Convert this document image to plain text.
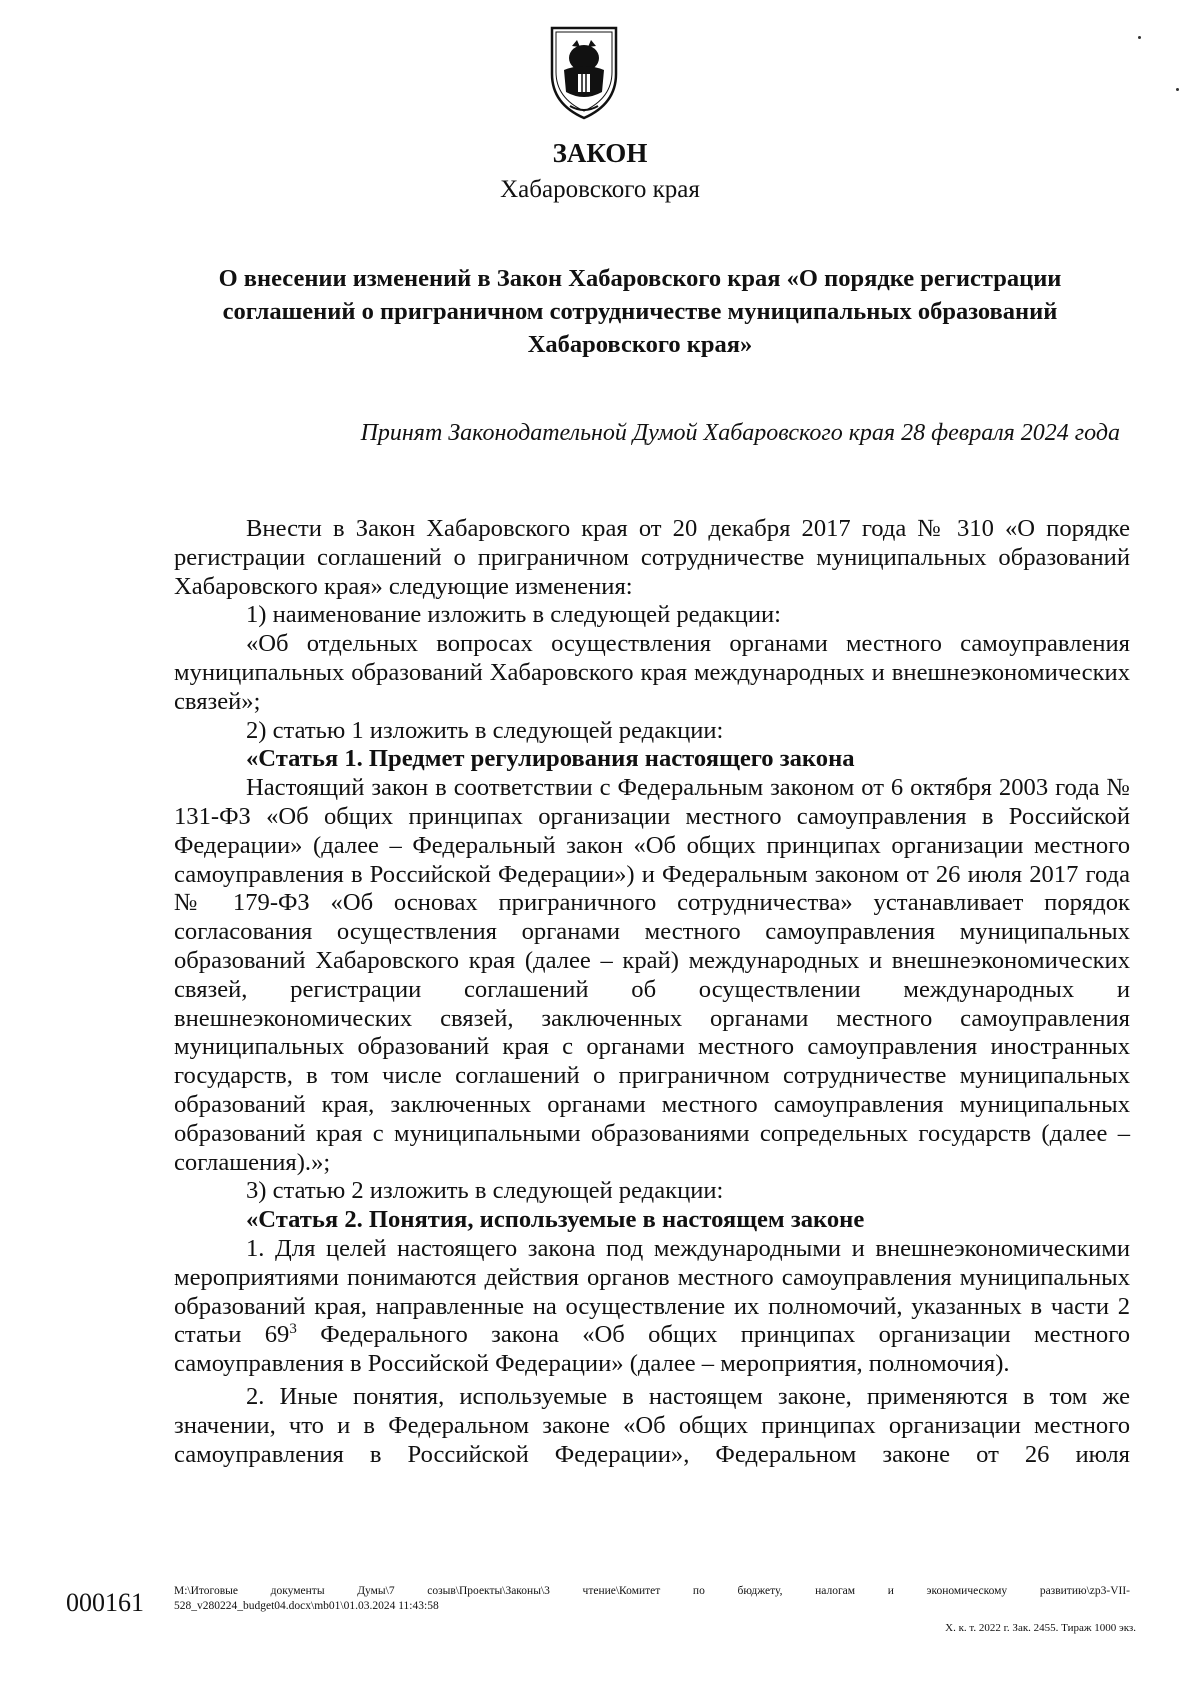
ЗАКОН
Хабаровского края
О внесении изменений в Закон Хабаровского края «О порядке регистрации
соглашений о приграничном сотрудничестве муниципальных образований
Хабаровского края»
Принят Законодательной Думой Хабаровского края 28 февраля 2024 года

Внести в Закон Хабаровского края от 20 декабря 2017 года № 310 «О порядке регистрации соглашений о приграничном сотрудничестве муниципальных образований Хабаровского края» следующие изменения:

1) наименование изложить в следующей редакции:

«Об отдельных вопросах осуществления органами местного самоуправления муниципальных образований Хабаровского края международных и внешнеэкономических связей»;

2) статью 1 изложить в следующей редакции:

«Статья 1. Предмет регулирования настоящего закона

Настоящий закон в соответствии с Федеральным законом от 6 октября 2003 года № 131-ФЗ «Об общих принципах организации местного самоуправления в Российской Федерации» (далее – Федеральный закон «Об общих принципах организации местного самоуправления в Российской Федерации») и Федеральным законом от 26 июля 2017 года № 179-ФЗ «Об основах приграничного сотрудничества» устанавливает порядок согласования осуществления органами местного самоуправления муниципальных образований Хабаровского края (далее – край) международных и внешнеэкономических связей, регистрации соглашений об осуществлении международных и внешнеэкономических связей, заключенных органами местного самоуправления муниципальных образований края с органами местного самоуправления иностранных государств, в том числе соглашений о приграничном сотрудничестве муниципальных образований края, заключенных органами местного самоуправления муниципальных образований края с муниципальными образованиями сопредельных государств (далее – соглашения).»;

3) статью 2 изложить в следующей редакции:

«Статья 2. Понятия, используемые в настоящем законе

1. Для целей настоящего закона под международными и внешнеэкономическими мероприятиями понимаются действия органов местного самоуправления муниципальных образований края, направленные на осуществление их полномочий, указанных в части 2 статьи $69^3$ Федерального закона «Об общих принципах организации местного самоуправления в Российской Федерации» (далее – мероприятия, полномочия).

2. Иные понятия, используемые в настоящем законе, применяются в том же значении, что и в Федеральном законе «Об общих принципах организации местного самоуправления в Российской Федерации», Федеральном законе от 26 июля

000161	M:\Итоговые документы Думы\7 созыв\Проекты\Законы\3 чтение\Комитет по бюджету, налогам и экономическому развитию\zp3-VII-
528_v280224_budget04.docx\mb01\01.03.2024 11:43:58
Х. к. т. 2022 г. Зак. 2455. Тираж 1000 экз.
